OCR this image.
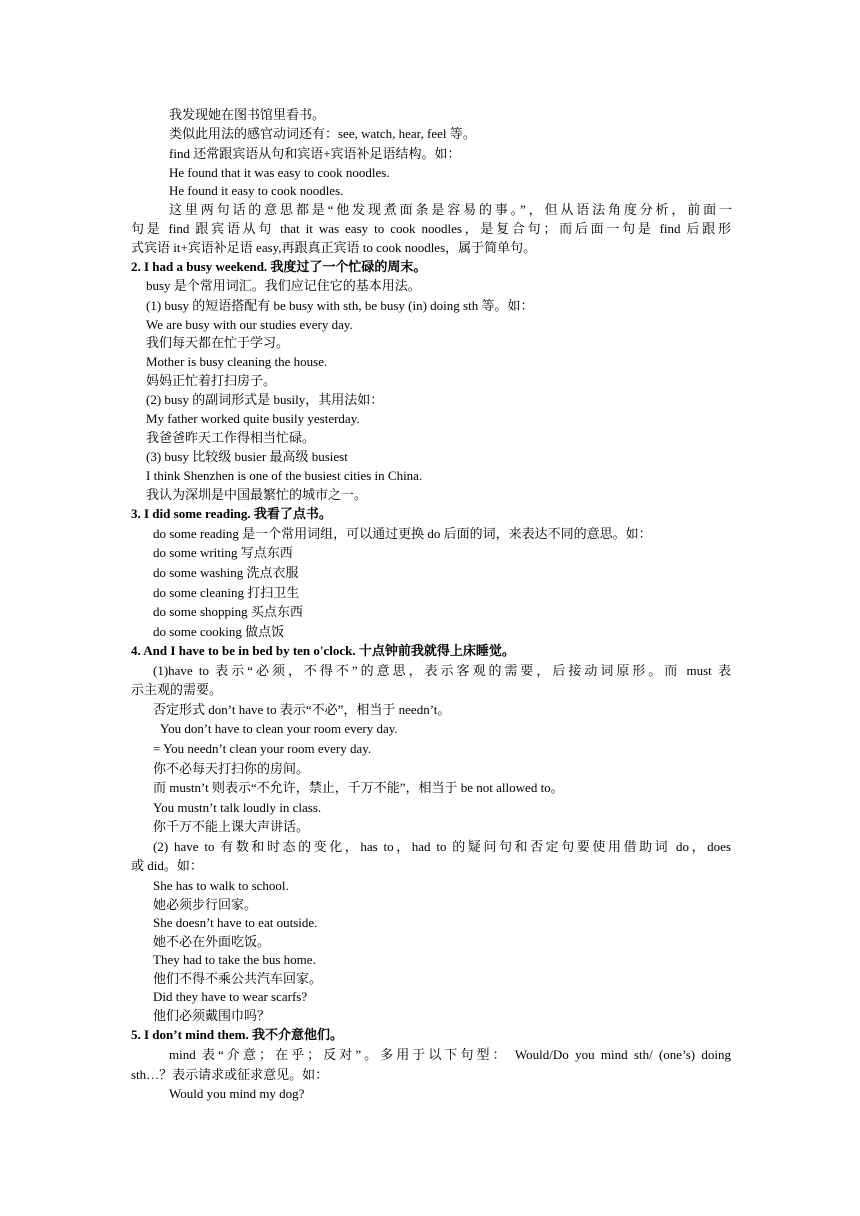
我发现她在图书馆里看书。
类似此用法的感官动词还有：see, watch, hear, feel 等。
find 还常跟宾语从句和宾语+宾语补足语结构。如：
He found that it was easy to cook noodles.
He found it easy to cook noodles.
这里两句话的意思都是“他发现煮面条是容易的事。”，但从语法角度分析，前面一
句是 find 跟宾语从句 that it was easy to cook noodles，是复合句；而后面一句是 find 后跟形
式宾语 it+宾语补足语 easy,再跟真正宾语 to cook noodles，属于简单句。
2. I had a busy weekend. 我度过了一个忙碌的周末。
busy 是个常用词汇。我们应记住它的基本用法。
(1) busy 的短语搭配有 be busy with sth, be busy (in) doing sth 等。如：
We are busy with our studies every day.
我们每天都在忙于学习。
Mother is busy cleaning the house.
妈妈正忙着打扫房子。
(2) busy 的副词形式是 busily，其用法如：
My father worked quite busily yesterday.
我爸爸昨天工作得相当忙碌。
(3) busy 比较级 busier 最高级 busiest
I think Shenzhen is one of the busiest cities in China.
我认为深圳是中国最繁忙的城市之一。
3. I did some reading. 我看了点书。
do some reading 是一个常用词组，可以通过更换 do 后面的词，来表达不同的意思。如：
do some writing 写点东西
do some washing 洗点衣服
do some cleaning 打扫卫生
do some shopping 买点东西
do some cooking 做点饭
4. And I have to be in bed by ten o'clock. 十点钟前我就得上床睡觉。
(1)have to 表示“必须，不得不”的意思，表示客观的需要，后接动词原形。而 must 表
示主观的需要。
否定形式 don’t have to 表示“不必”，相当于 needn’t。
You don’t have to clean your room every day.
= You needn’t clean your room every day.
你不必每天打扫你的房间。
而 mustn’t 则表示“不允许，禁止，千万不能”，相当于 be not allowed to。
You mustn’t talk loudly in class.
你千万不能上课大声讲话。
(2) have to 有数和时态的变化，has to，had to 的疑问句和否定句要使用借助词 do，does
或 did。如：
She has to walk to school.
她必须步行回家。
She doesn’t have to eat outside.
她不必在外面吃饭。
They had to take the bus home.
他们不得不乘公共汽车回家。
Did they have to wear scarfs?
他们必须戴围巾吗？
5. I don’t mind them. 我不介意他们。
mind 表“介意；在乎；反对”。多用于以下句型： Would/Do you mind sth/ (one’s) doing
sth…？表示请求或征求意见。如：
Would you mind my dog?
